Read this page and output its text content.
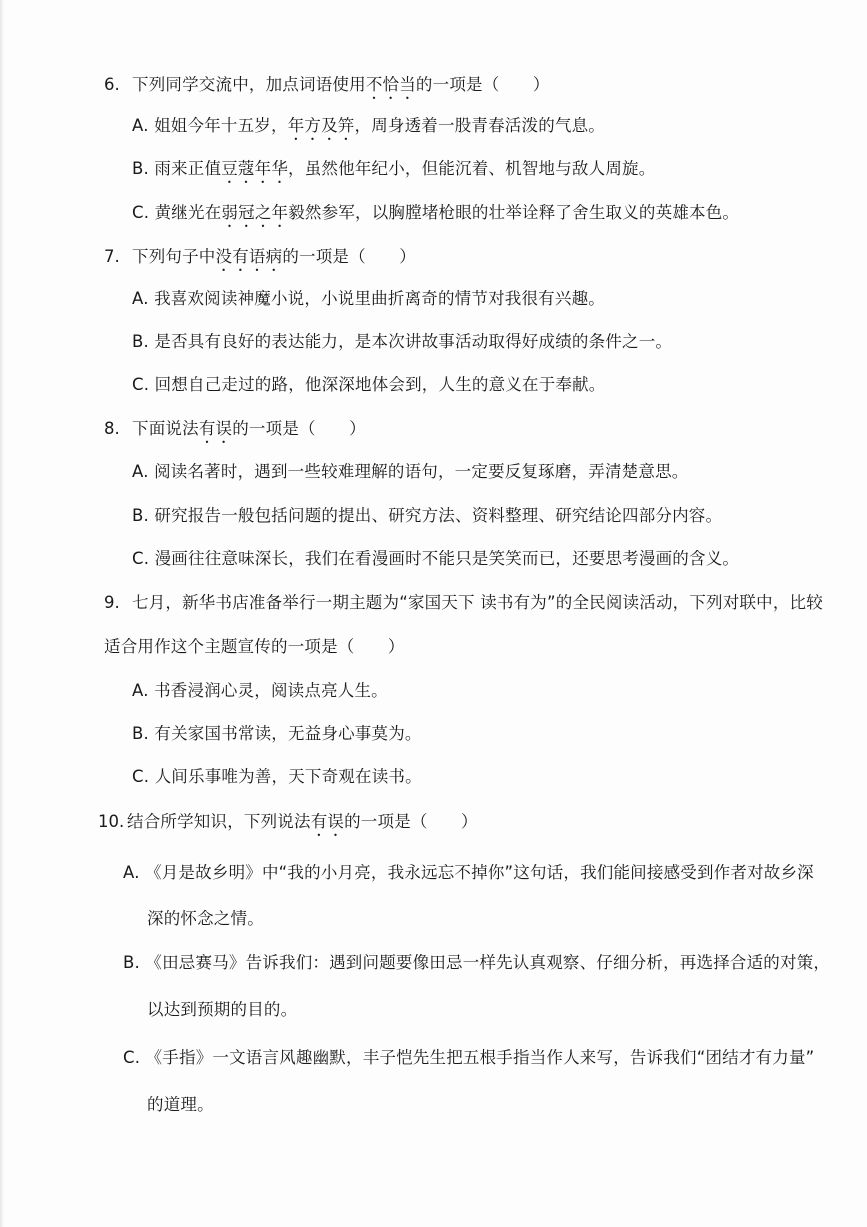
6. 下列同学交流中，加点词语使用不恰当的一项是（　　）
A. 姐姐今年十五岁，年方及笄，周身透着一股青春活泼的气息。
B. 雨来正值豆蔻年华，虽然他年纪小，但能沉着、机智地与敌人周旋。
C. 黄继光在弱冠之年毅然参军，以胸膛堵枪眼的壮举诠释了舍生取义的英雄本色。
7. 下列句子中没有语病的一项是（　　）
A. 我喜欢阅读神魔小说，小说里曲折离奇的情节对我很有兴趣。
B. 是否具有良好的表达能力，是本次讲故事活动取得好成绩的条件之一。
C. 回想自己走过的路，他深深地体会到，人生的意义在于奉献。
8. 下面说法有误的一项是（　　）
A. 阅读名著时，遇到一些较难理解的语句，一定要反复琢磨，弄清楚意思。
B. 研究报告一般包括问题的提出、研究方法、资料整理、研究结论四部分内容。
C. 漫画往往意味深长，我们在看漫画时不能只是笑笑而已，还要思考漫画的含义。
9. 七月，新华书店准备举行一期主题为“家国天下 读书有为”的全民阅读活动，下列对联中，比较
适合用作这个主题宣传的一项是（　　）
A. 书香浸润心灵，阅读点亮人生。
B. 有关家国书常读，无益身心事莫为。
C. 人间乐事唯为善，天下奇观在读书。
10. 结合所学知识，下列说法有误的一项是（　　）
A. 《月是故乡明》中“我的小月亮，我永远忘不掉你”这句话，我们能间接感受到作者对故乡深
深的怀念之情。
B. 《田忌赛马》告诉我们：遇到问题要像田忌一样先认真观察、仔细分析，再选择合适的对策，
以达到预期的目的。
C. 《手指》一文语言风趣幽默，丰子恺先生把五根手指当作人来写，告诉我们“团结才有力量”
的道理。
